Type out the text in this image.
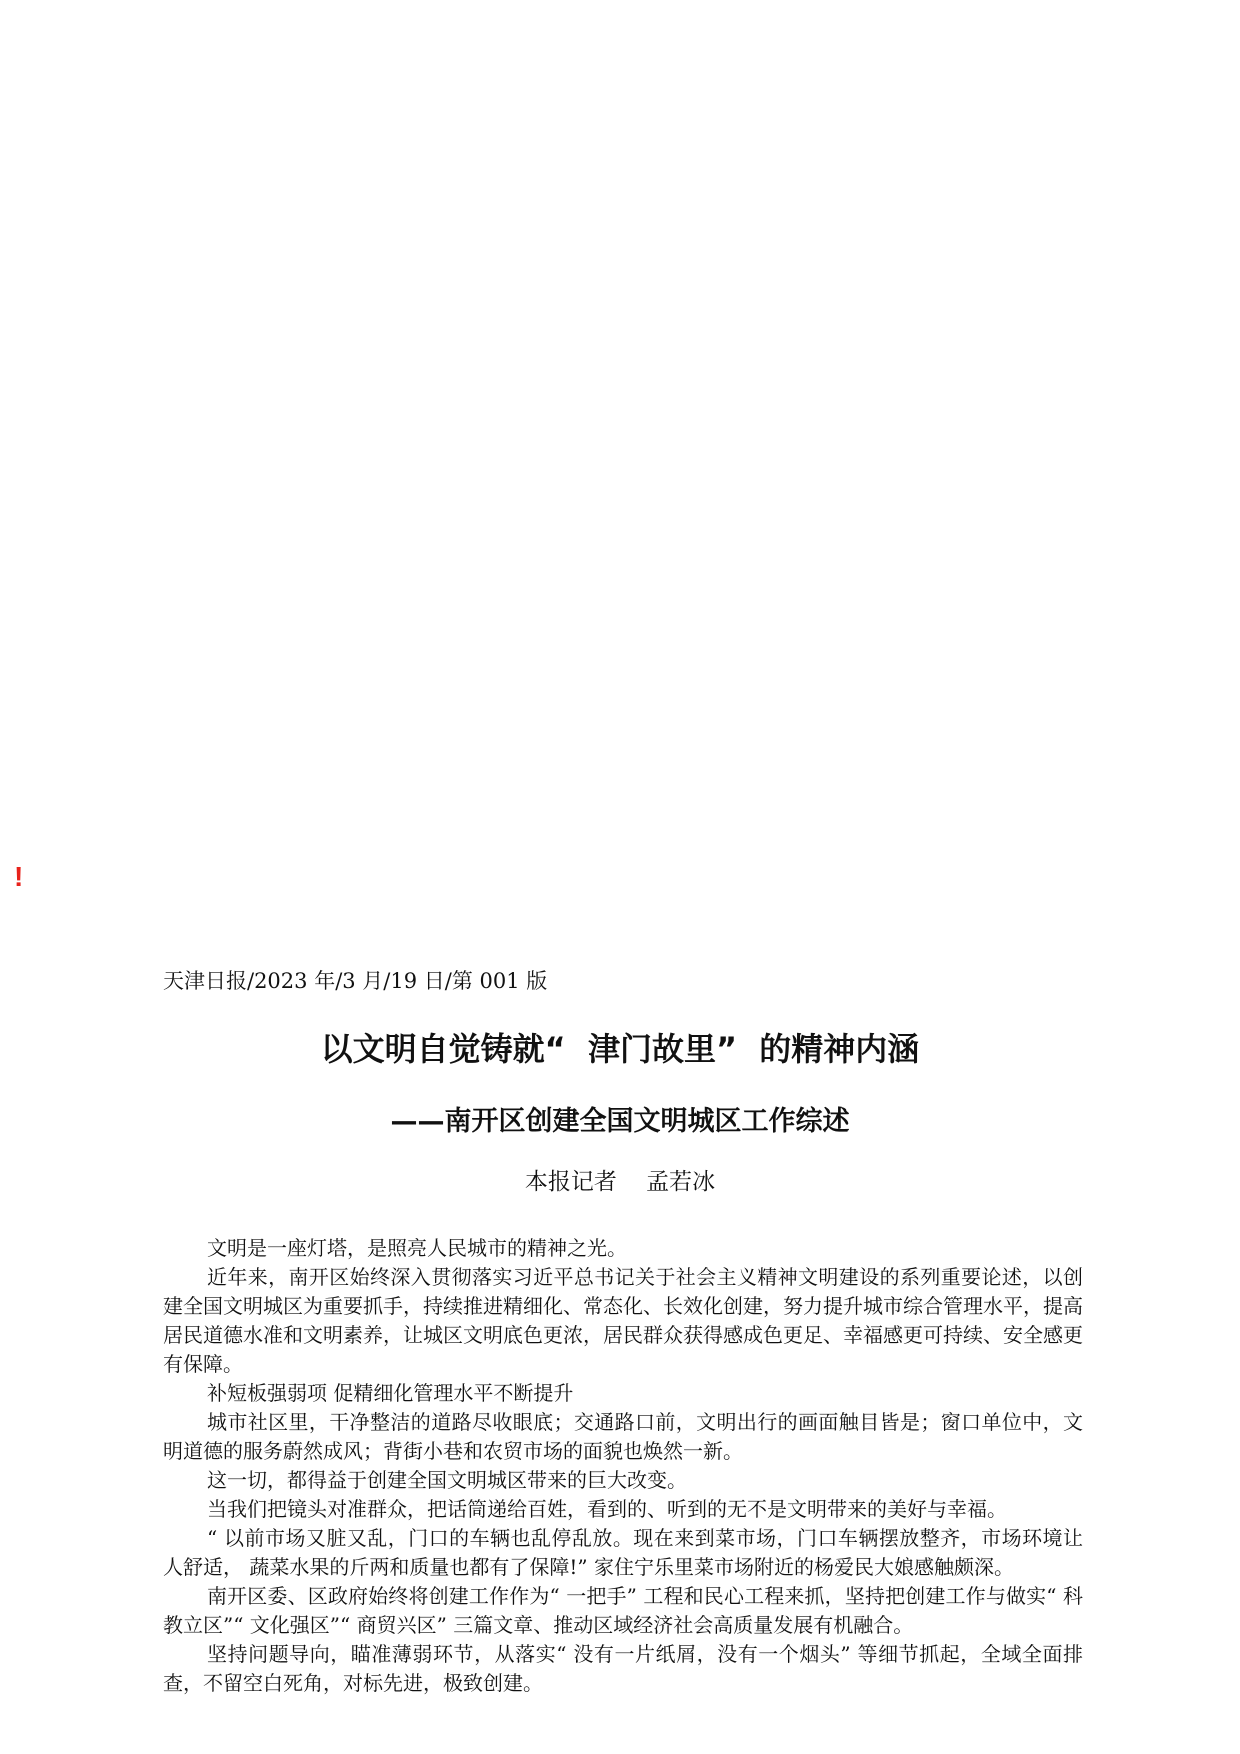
!
天津日报/2023 年/3 月/19 日/第 001 版
以文明自觉铸就“  津门故里”  的精神内涵
——南开区创建全国文明城区工作综述
本报记者    孟若冰

文明是一座灯塔，是照亮人民城市的精神之光。

近年来，南开区始终深入贯彻落实习近平总书记关于社会主义精神文明建设的系列重要论述，以创建全国文明城区为重要抓手，持续推进精细化、常态化、长效化创建，努力提升城市综合管理水平，提高居民道德水准和文明素养，让城区文明底色更浓，居民群众获得感成色更足、幸福感更可持续、安全感更有保障。

补短板强弱项 促精细化管理水平不断提升

城市社区里，干净整洁的道路尽收眼底；交通路口前，文明出行的画面触目皆是；窗口单位中，文明道德的服务蔚然成风；背街小巷和农贸市场的面貌也焕然一新。

这一切，都得益于创建全国文明城区带来的巨大改变。

当我们把镜头对准群众，把话筒递给百姓，看到的、听到的无不是文明带来的美好与幸福。

“ 以前市场又脏又乱，门口的车辆也乱停乱放。现在来到菜市场，门口车辆摆放整齐，市场环境让人舒适， 蔬菜水果的斤两和质量也都有了保障!” 家住宁乐里菜市场附近的杨爱民大娘感触颇深。

南开区委、区政府始终将创建工作作为“ 一把手” 工程和民心工程来抓，坚持把创建工作与做实“ 科教立区”“ 文化强区”“ 商贸兴区” 三篇文章、推动区域经济社会高质量发展有机融合。

坚持问题导向，瞄准薄弱环节，从落实“ 没有一片纸屑，没有一个烟头” 等细节抓起，全域全面排查，不留空白死角，对标先进，极致创建。
